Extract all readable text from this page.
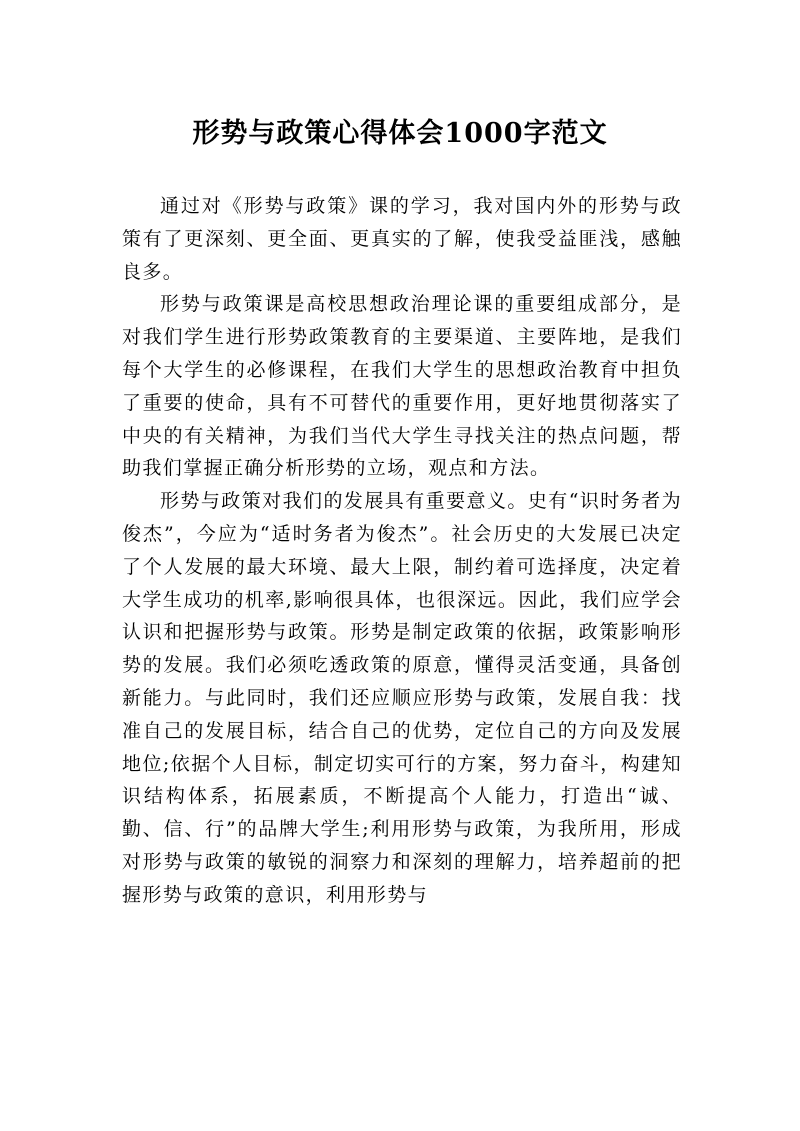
形势与政策心得体会1000字范文

通过对《形势与政策》课的学习，我对国内外的形势与政策有了更深刻、更全面、更真实的了解，使我受益匪浅，感触良多。

形势与政策课是高校思想政治理论课的重要组成部分，是对我们学生进行形势政策教育的主要渠道、主要阵地，是我们每个大学生的必修课程，在我们大学生的思想政治教育中担负了重要的使命，具有不可替代的重要作用，更好地贯彻落实了中央的有关精神，为我们当代大学生寻找关注的热点问题，帮助我们掌握正确分析形势的立场，观点和方法。

形势与政策对我们的发展具有重要意义。史有“识时务者为俊杰”，今应为“适时务者为俊杰”。社会历史的大发展已决定了个人发展的最大环境、最大上限，制约着可选择度，决定着大学生成功的机率,影响很具体，也很深远。因此，我们应学会认识和把握形势与政策。形势是制定政策的依据，政策影响形势的发展。我们必须吃透政策的原意，懂得灵活变通，具备创新能力。与此同时，我们还应顺应形势与政策，发展自我：找准自己的发展目标，结合自己的优势，定位自己的方向及发展地位;依据个人目标，制定切实可行的方案，努力奋斗，构建知识结构体系，拓展素质，不断提高个人能力，打造出“诚、勤、信、行”的品牌大学生;利用形势与政策，为我所用，形成对形势与政策的敏锐的洞察力和深刻的理解力，培养超前的把握形势与政策的意识，利用形势与
